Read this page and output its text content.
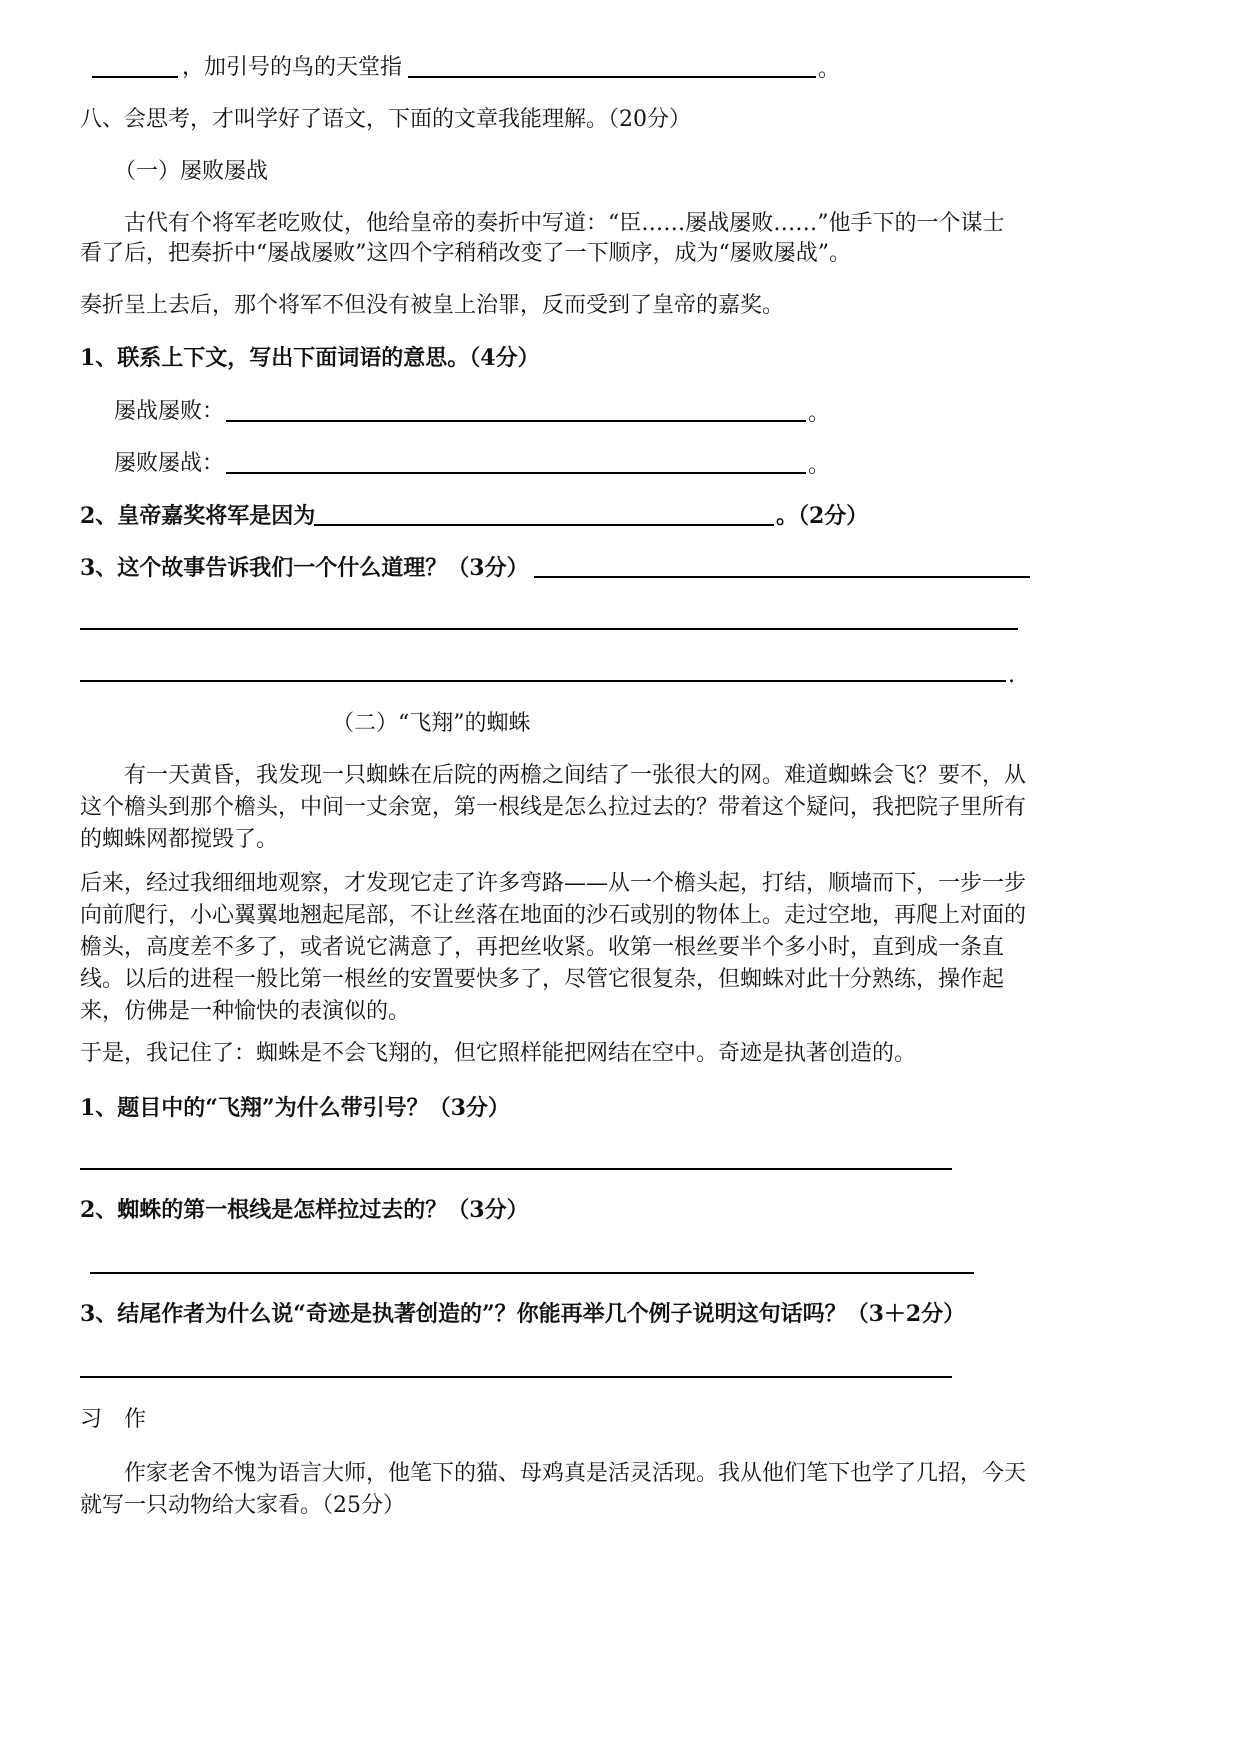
，加引号的鸟的天堂指	。
八、会思考，才叫学好了语文，下面的文章我能理解。（20分）
（一）屡败屡战
古代有个将军老吃败仗，他给皇帝的奏折中写道：“臣……屡战屡败……”他手下的一个谋士
看了后，把奏折中“屡战屡败”这四个字稍稍改变了一下顺序，成为“屡败屡战”。
奏折呈上去后，那个将军不但没有被皇上治罪，反而受到了皇帝的嘉奖。
1、联系上下文，写出下面词语的意思。（4分）
屡战屡败：	。
屡败屡战：	。
2、皇帝嘉奖将军是因为	。（2分）
3、这个故事告诉我们一个什么道理？（3分）
.
（二）“飞翔”的蜘蛛
有一天黄昏，我发现一只蜘蛛在后院的两檐之间结了一张很大的网。难道蜘蛛会飞？要不，从这个檐头到那个檐头，中间一丈余宽，第一根线是怎么拉过去的？带着这个疑问，我把院子里所有的蜘蛛网都搅毁了。
后来，经过我细细地观察，才发现它走了许多弯路——从一个檐头起，打结，顺墙而下，一步一步向前爬行，小心翼翼地翘起尾部，不让丝落在地面的沙石或别的物体上。走过空地，再爬上对面的檐头，高度差不多了，或者说它满意了，再把丝收紧。收第一根丝要半个多小时，直到成一条直线。以后的进程一般比第一根丝的安置要快多了，尽管它很复杂，但蜘蛛对此十分熟练，操作起来，仿佛是一种愉快的表演似的。
于是，我记住了：蜘蛛是不会飞翔的，但它照样能把网结在空中。奇迹是执著创造的。
1、题目中的“飞翔”为什么带引号？（3分）
2、蜘蛛的第一根线是怎样拉过去的？（3分）
3、结尾作者为什么说“奇迹是执著创造的”？你能再举几个例子说明这句话吗？（3＋2分）
习　作
作家老舍不愧为语言大师，他笔下的猫、母鸡真是活灵活现。我从他们笔下也学了几招，今天就写一只动物给大家看。（25分）
